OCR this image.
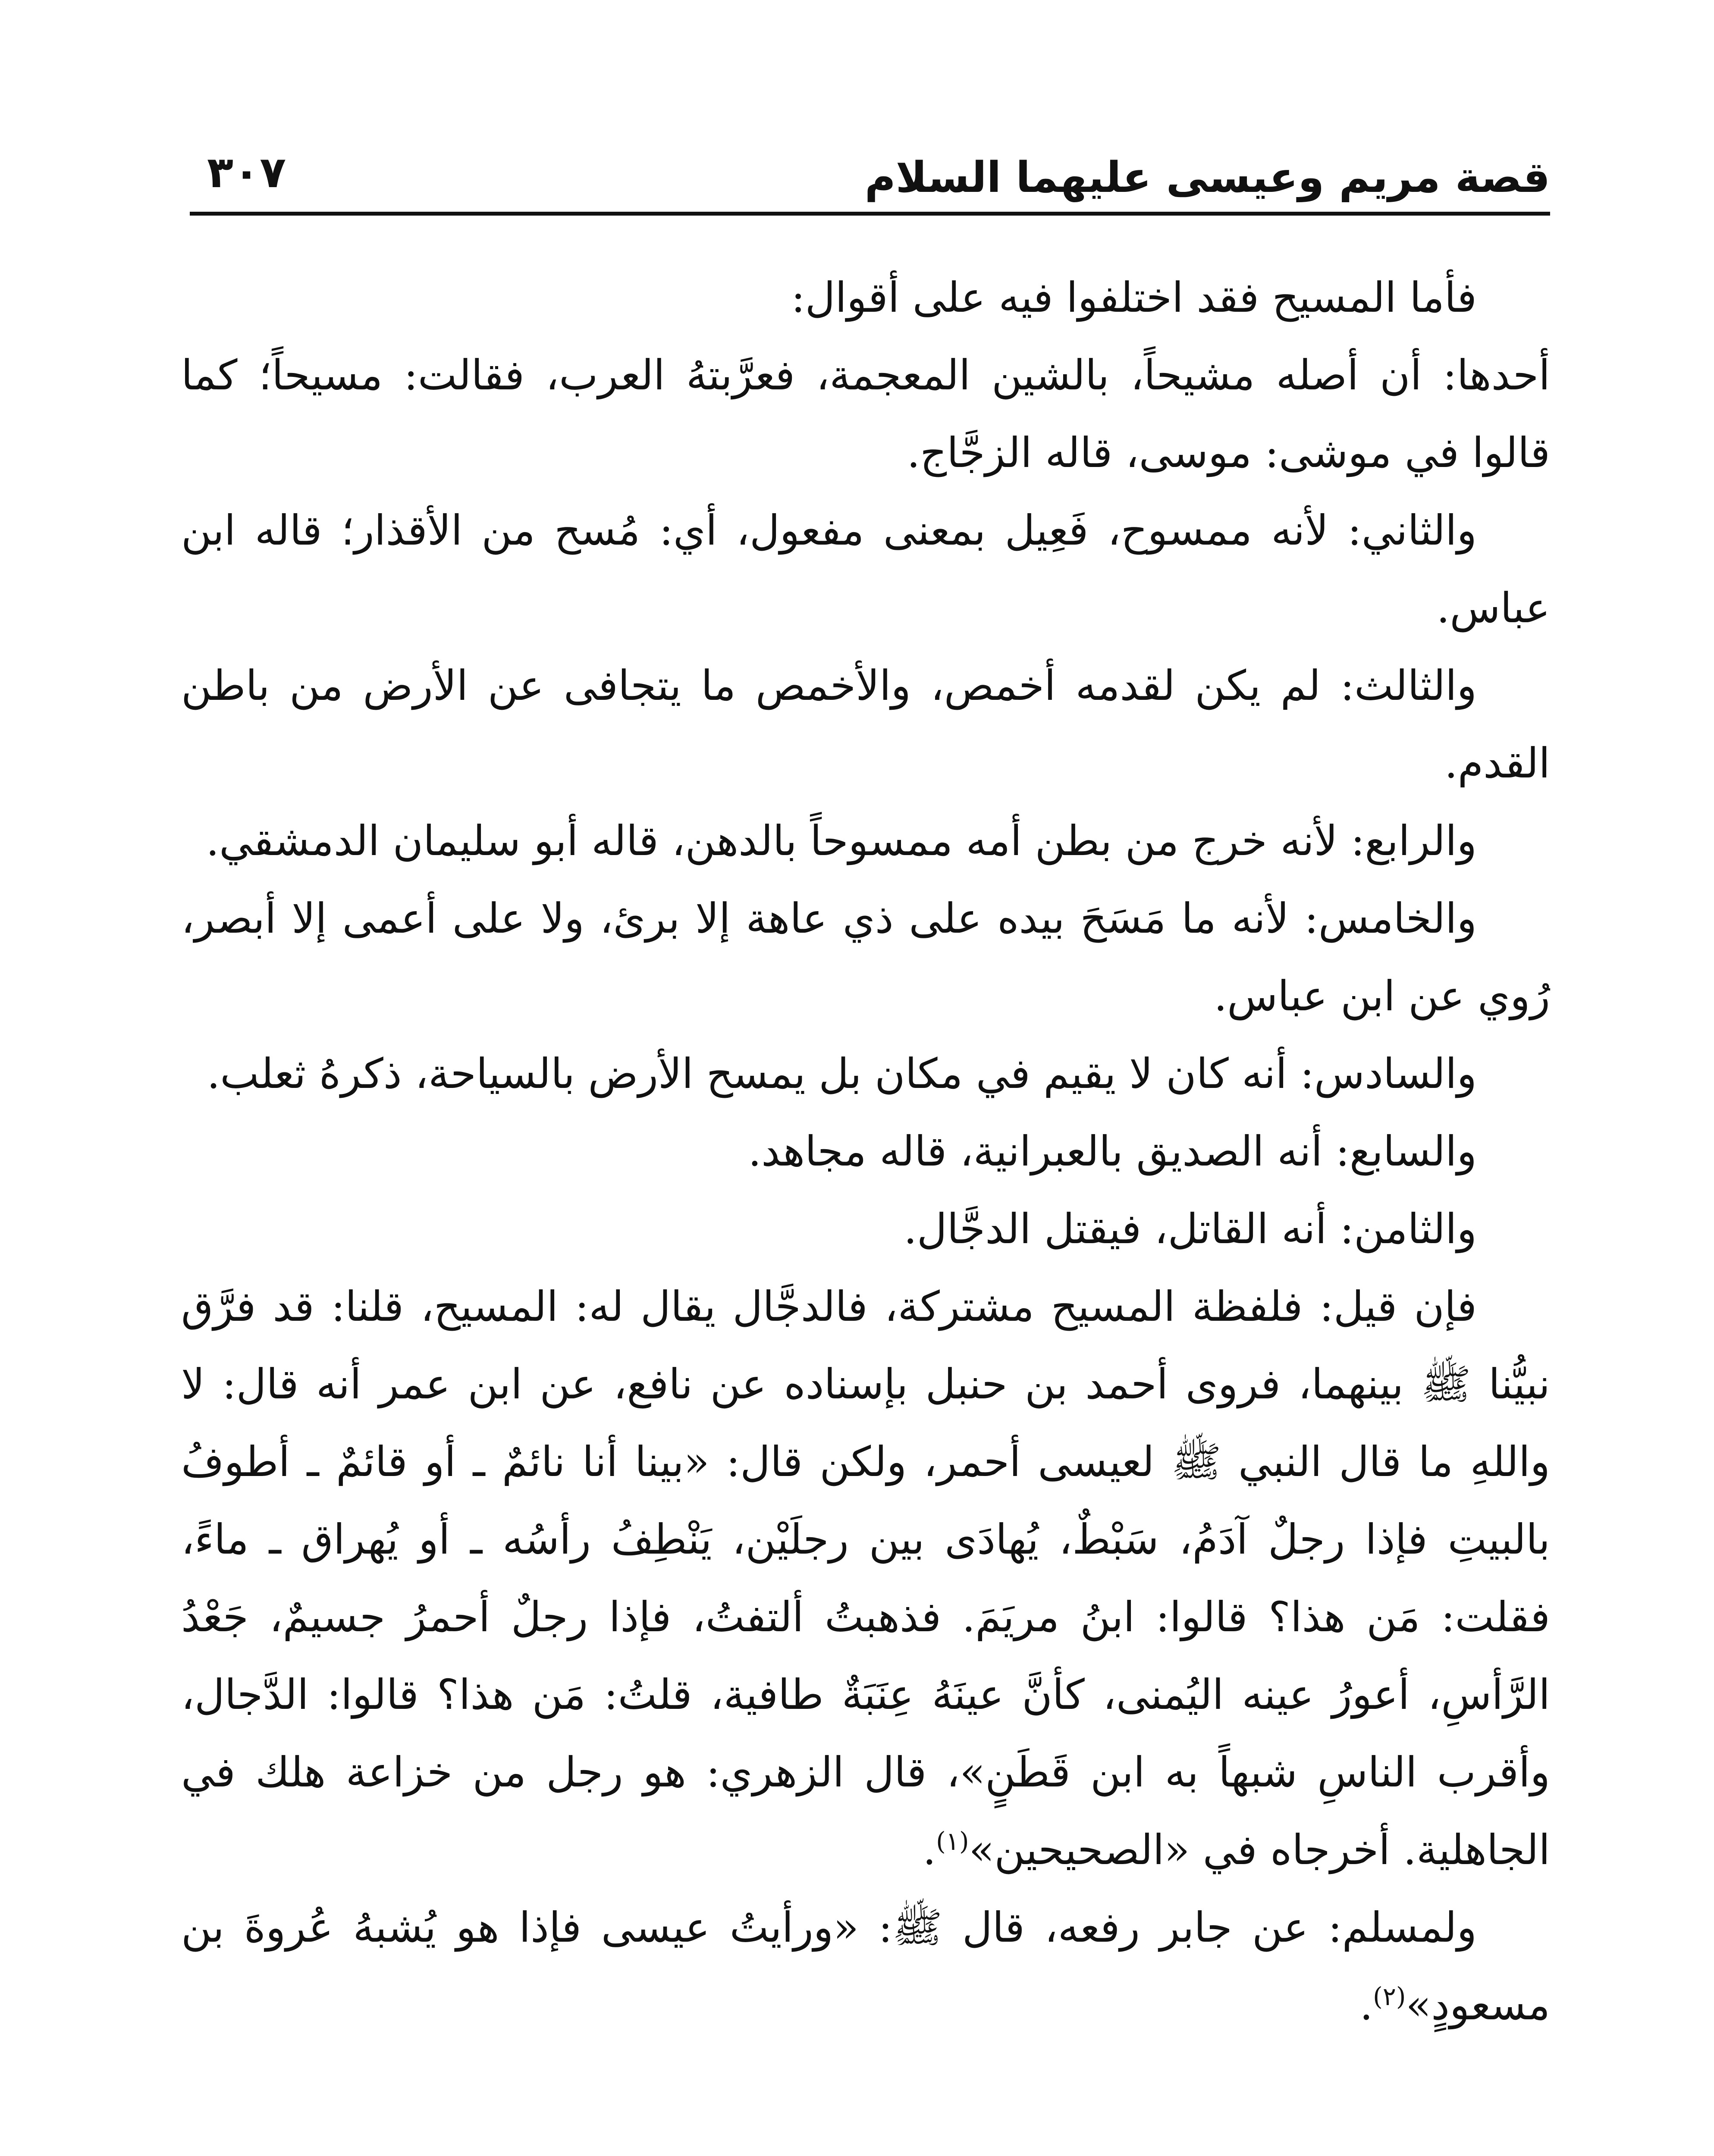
قصة مريم وعيسى عليهما السلام
٣٠٧

فأما المسيح فقد اختلفوا فيه على أقوال:

أحدها: أن أصله مشيحاً، بالشين المعجمة، فعرَّبتهُ العرب، فقالت: مسيحاً؛ كما قالوا في موشى: موسى، قاله الزجَّاج.

والثاني: لأنه ممسوح، فَعِيل بمعنى مفعول، أي: مُسح من الأقذار؛ قاله ابن عباس.

والثالث: لم يكن لقدمه أخمص، والأخمص ما يتجافى عن الأرض من باطن القدم.

والرابع: لأنه خرج من بطن أمه ممسوحاً بالدهن، قاله أبو سليمان الدمشقي.

والخامس: لأنه ما مَسَحَ بيده على ذي عاهة إلا برئ، ولا على أعمى إلا أبصر، رُوي عن ابن عباس.

والسادس: أنه كان لا يقيم في مكان بل يمسح الأرض بالسياحة، ذكرهُ ثعلب.

والسابع: أنه الصديق بالعبرانية، قاله مجاهد.

والثامن: أنه القاتل، فيقتل الدجَّال.

فإن قيل: فلفظة المسيح مشتركة، فالدجَّال يقال له: المسيح، قلنا: قد فرَّق نبيُّنا ﷺ بينهما، فروى أحمد بن حنبل بإسناده عن نافع، عن ابن عمر أنه قال: لا واللهِ ما قال النبي ﷺ لعيسى أحمر، ولكن قال: «بينا أنا نائمٌ ـ أو قائمٌ ـ أطوفُ بالبيتِ فإذا رجلٌ آدَمُ، سَبْطٌ، يُهادَى بين رجلَيْن، يَنْطِفُ رأسُه ـ أو يُهراق ـ ماءً، فقلت: مَن هذا؟ قالوا: ابنُ مريَمَ. فذهبتُ ألتفتُ، فإذا رجلٌ أحمرُ جسيمٌ، جَعْدُ الرَّأسِ، أعورُ عينه اليُمنى، كأنَّ عينَهُ عِنَبَةٌ طافية، قلتُ: مَن هذا؟ قالوا: الدَّجال، وأقرب الناسِ شبهاً به ابن قَطَنٍ»، قال الزهري: هو رجل من خزاعة هلك في الجاهلية. أخرجاه في «الصحيحين»$^{(١)}$.

ولمسلم: عن جابر رفعه، قال ﷺ: «ورأيتُ عيسى فإذا هو يُشبهُ عُروةَ بن مسعودٍ»$^{(٢)}$.
